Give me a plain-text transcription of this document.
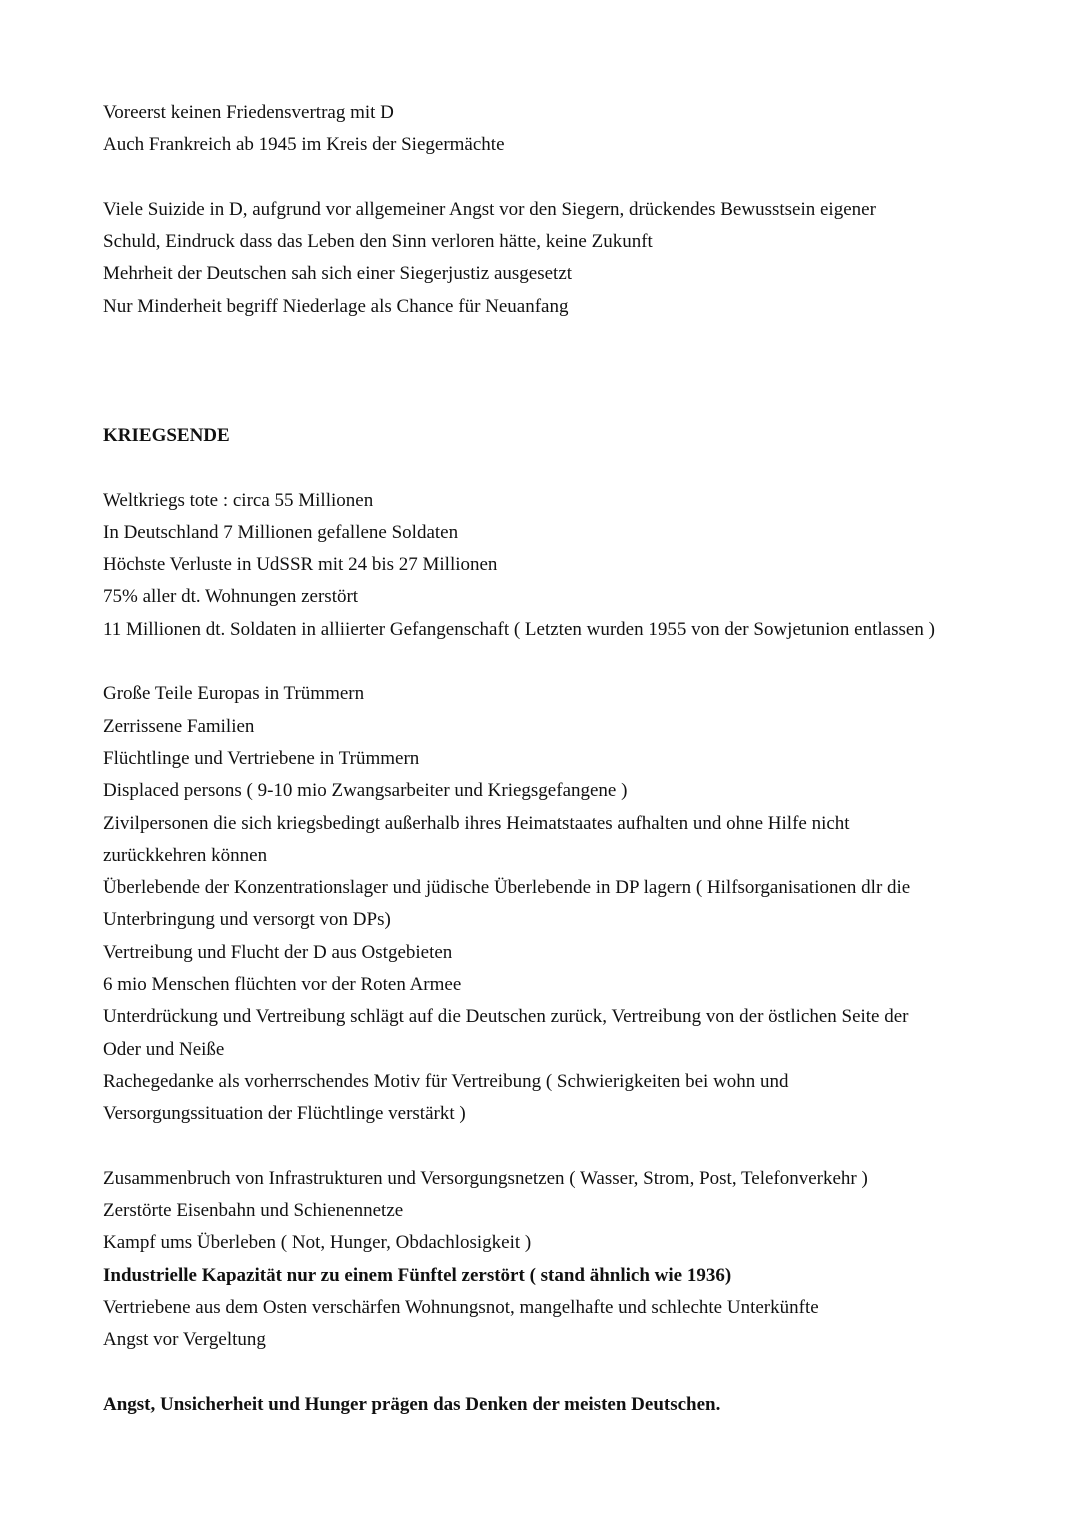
Voreerst keinen Friedensvertrag mit D
Auch Frankreich ab 1945 im Kreis der Siegermächte
Viele Suizide in D, aufgrund vor allgemeiner Angst vor den Siegern, drückendes Bewusstsein eigener
Schuld, Eindruck dass das Leben den Sinn verloren hätte, keine Zukunft
Mehrheit der Deutschen sah sich einer Siegerjustiz ausgesetzt
Nur Minderheit begriff Niederlage als Chance für Neuanfang
KRIEGSENDE
Weltkriegs tote : circa 55 Millionen
In Deutschland 7 Millionen gefallene Soldaten
Höchste Verluste in UdSSR mit 24 bis 27 Millionen
75% aller dt. Wohnungen zerstört
11 Millionen dt. Soldaten in alliierter Gefangenschaft ( Letzten wurden 1955 von der Sowjetunion entlassen )
Große Teile Europas in Trümmern
Zerrissene Familien
Flüchtlinge und Vertriebene in Trümmern
Displaced persons ( 9-10 mio Zwangsarbeiter und Kriegsgefangene )
Zivilpersonen die sich kriegsbedingt außerhalb ihres Heimatstaates aufhalten und ohne Hilfe nicht
zurückkehren können
Überlebende der Konzentrationslager und jüdische Überlebende in DP lagern ( Hilfsorganisationen dlr die
Unterbringung und versorgt von DPs)
Vertreibung und Flucht der D aus Ostgebieten
6 mio Menschen flüchten vor der Roten Armee
Unterdrückung und Vertreibung schlägt auf die Deutschen zurück, Vertreibung von der östlichen Seite der
Oder und Neiße
Rachegedanke als vorherrschendes Motiv für Vertreibung ( Schwierigkeiten bei wohn und
Versorgungssituation der Flüchtlinge verstärkt )
Zusammenbruch von Infrastrukturen und Versorgungsnetzen ( Wasser, Strom, Post, Telefonverkehr )
Zerstörte Eisenbahn und Schienennetze
Kampf ums Überleben ( Not, Hunger, Obdachlosigkeit )
Industrielle Kapazität nur zu einem Fünftel zerstört ( stand ähnlich wie 1936)
Vertriebene aus dem Osten verschärfen Wohnungsnot, mangelhafte und schlechte Unterkünfte
Angst vor Vergeltung
Angst, Unsicherheit und Hunger prägen das Denken der meisten Deutschen.
